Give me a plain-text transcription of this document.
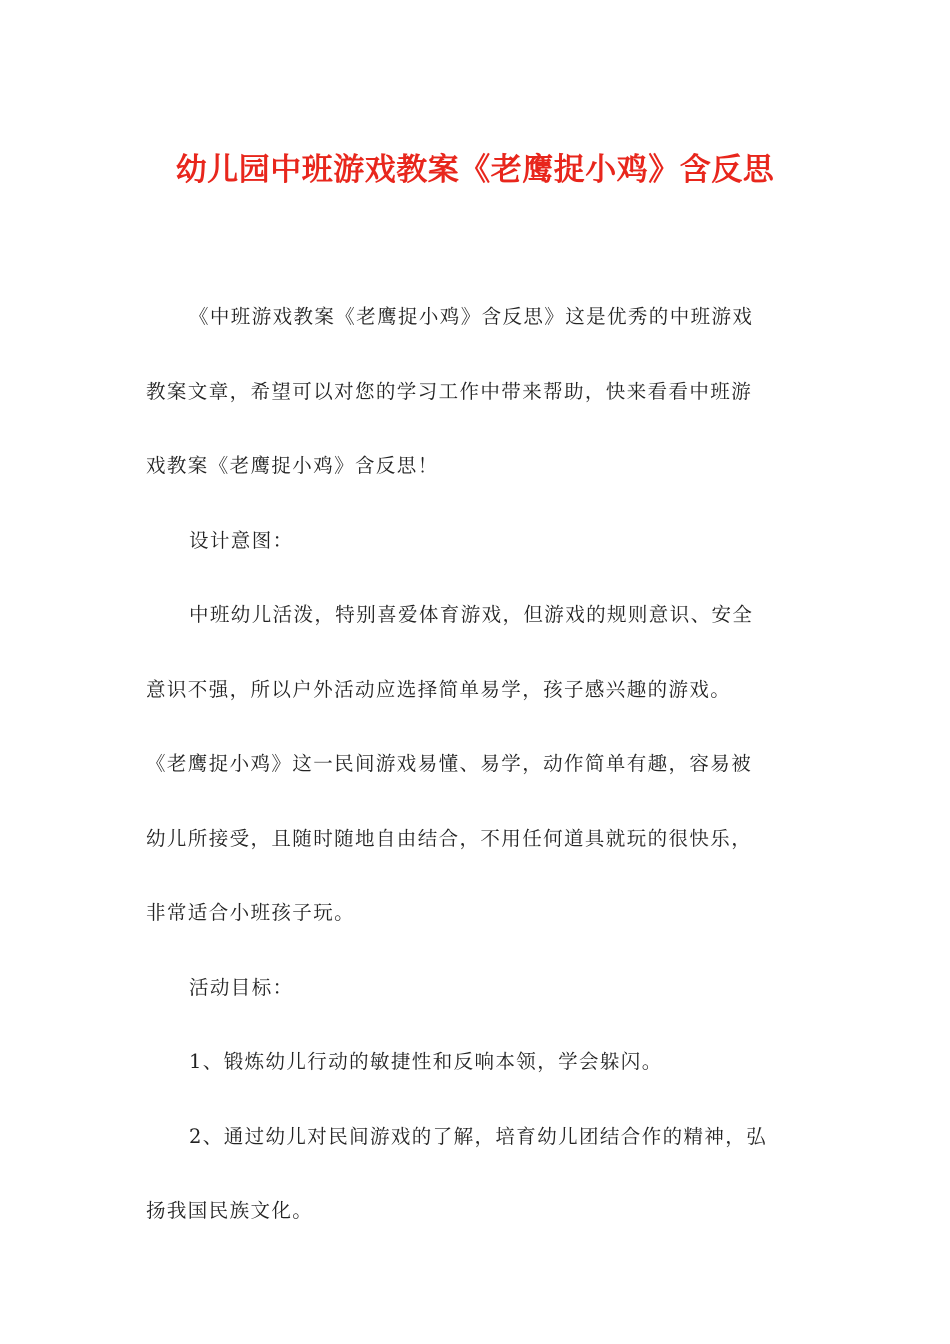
幼儿园中班游戏教案《老鹰捉小鸡》含反思

《中班游戏教案《老鹰捉小鸡》含反思》这是优秀的中班游戏

教案文章，希望可以对您的学习工作中带来帮助，快来看看中班游

戏教案《老鹰捉小鸡》含反思！

设计意图：

中班幼儿活泼，特别喜爱体育游戏，但游戏的规则意识、安全

意识不强，所以户外活动应选择简单易学，孩子感兴趣的游戏。

《老鹰捉小鸡》这一民间游戏易懂、易学，动作简单有趣，容易被

幼儿所接受，且随时随地自由结合，不用任何道具就玩的很快乐，

非常适合小班孩子玩。

活动目标：

1、锻炼幼儿行动的敏捷性和反响本领，学会躲闪。

2、通过幼儿对民间游戏的了解，培育幼儿团结合作的精神，弘

扬我国民族文化。
